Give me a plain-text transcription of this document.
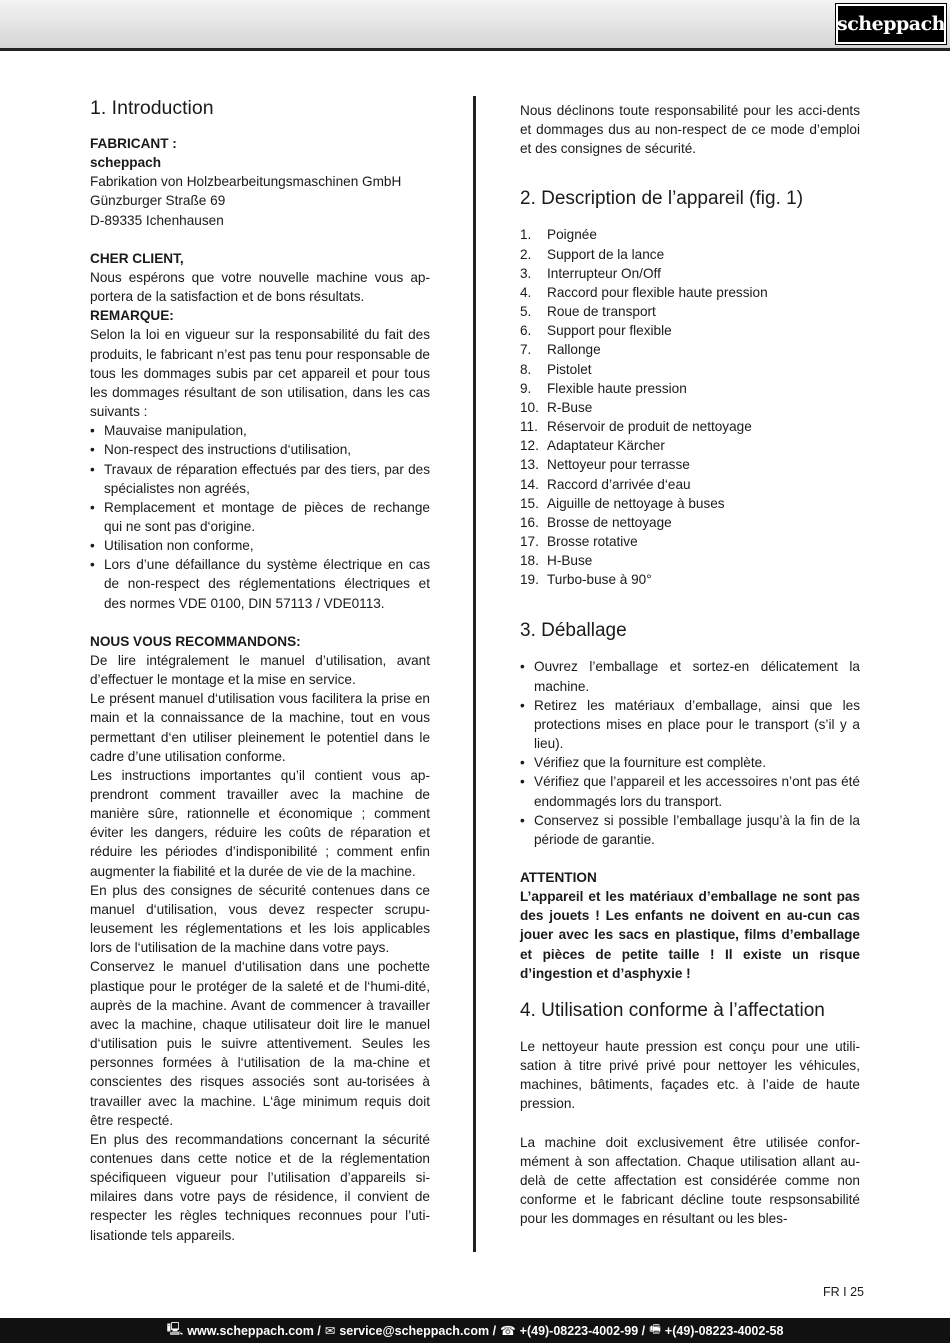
scheppach
1. Introduction

FABRICANT :

scheppach

Fabrikation von Holzbearbeitungsmaschinen GmbH

Günzburger Straße 69

D-89335 Ichenhausen

CHER CLIENT,

Nous espérons que votre nouvelle machine vous ap-portera de la satisfaction et de bons résultats.

REMARQUE:

Selon la loi en vigueur sur la responsabilité du fait des produits, le fabricant n’est pas tenu pour responsable de tous les dommages subis par cet appareil et pour tous les dommages résultant de son utilisation, dans les cas suivants :

• Mauvaise manipulation,
• Non-respect des instructions d‘utilisation,
• Travaux de réparation effectués par des tiers, par des spécialistes non agréés,
• Remplacement et montage de pièces de rechange qui ne sont pas d‘origine.
• Utilisation non conforme,
• Lors d’une défaillance du système électrique en cas de non-respect des réglementations électriques et des normes VDE 0100, DIN 57113 / VDE0113.

NOUS VOUS RECOMMANDONS:

De lire intégralement le manuel d’utilisation, avant d’effectuer le montage et la mise en service.

Le présent manuel d‘utilisation vous facilitera la prise en main et la connaissance de la machine, tout en vous permettant d‘en utiliser pleinement le potentiel dans le cadre d’une utilisation conforme.

Les instructions importantes qu’il contient vous ap-prendront comment travailler avec la machine de manière sûre, rationnelle et économique ; comment éviter les dangers, réduire les coûts de réparation et réduire les périodes d’indisponibilité ; comment enfin augmenter la fiabilité et la durée de vie de la machine.

En plus des consignes de sécurité contenues dans ce manuel d‘utilisation, vous devez respecter scrupu-leusement les réglementations et les lois applicables lors de l‘utilisation de la machine dans votre pays.

Conservez le manuel d‘utilisation dans une pochette plastique pour le protéger de la saleté et de l‘humi-dité, auprès de la machine. Avant de commencer à travailler avec la machine, chaque utilisateur doit lire le manuel d‘utilisation puis le suivre attentivement. Seules les personnes formées à l‘utilisation de la ma-chine et conscientes des risques associés sont au-torisées à travailler avec la machine. L‘âge minimum requis doit être respecté.

En plus des recommandations concernant la sécurité contenues dans cette notice et de la réglementation spécifiqueen vigueur pour l’utilisation d’appareils si-milaires dans votre pays de résidence, il convient de respecter les règles techniques reconnues pour l’uti-lisationde tels appareils.

Nous déclinons toute responsabilité pour les acci-dents et dommages dus au non-respect de ce mode d’emploi et des consignes de sécurité.

2. Description de l’appareil (fig. 1)
1.	Poignée
2.	Support de la lance
3.	Interrupteur On/Off
4.	Raccord pour flexible haute pression
5.	Roue de transport
6.	Support pour flexible
7.	Rallonge
8.	Pistolet
9.	Flexible haute pression
10. R-Buse
11. Réservoir de produit de nettoyage
12. Adaptateur Kärcher
13. Nettoyeur pour terrasse
14. Raccord d’arrivée d‘eau
15. Aiguille de nettoyage à buses
16. Brosse de nettoyage
17. Brosse rotative
18. H-Buse
19. Turbo-buse à 90°
3. Déballage
• Ouvrez l’emballage et sortez-en délicatement la machine.
• Retirez les matériaux d’emballage, ainsi que les protections mises en place pour le transport (s’il y a lieu).
• Vérifiez que la fourniture est complète.
• Vérifiez que l’appareil et les accessoires n’ont pas été endommagés lors du transport.
• Conservez si possible l’emballage jusqu’à la fin de la période de garantie.

ATTENTION

L’appareil et les matériaux d’emballage ne sont pas des jouets ! Les enfants ne doivent en au-cun cas jouer avec les sacs en plastique, films d’emballage et pièces de petite taille ! Il existe un risque d’ingestion et d’asphyxie !

4. Utilisation conforme à l’affectation

Le nettoyeur haute pression est conçu pour une utili-sation à titre privé privé pour nettoyer les véhicules, machines, bâtiments, façades etc. à l’aide de haute pression.

La machine doit exclusivement être utilisée confor-mément à son affectation. Chaque utilisation allant au-delà de cette affectation est considérée comme non conforme et le fabricant décline toute respsonsabilité pour les dommages en résultant ou les bles-

FR I 25
🖳 www.scheppach.com / ✉ service@scheppach.com / ☎ +(49)-08223-4002-99 / 🖷 +(49)-08223-4002-58
